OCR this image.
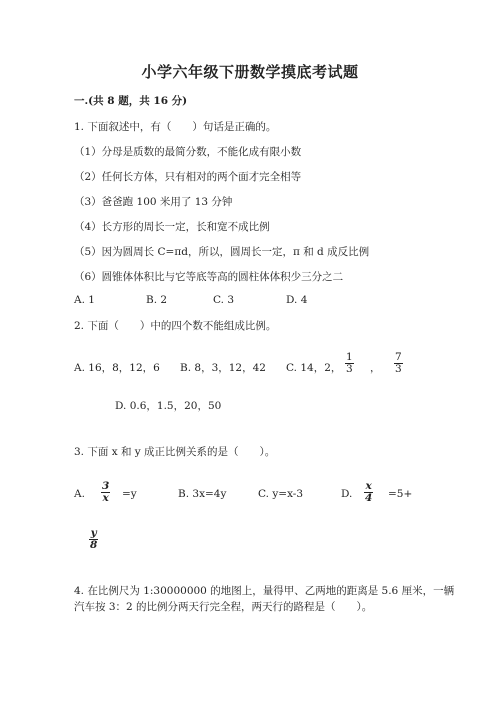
小学六年级下册数学摸底考试题
一.(共 8 题，共 16 分)
1. 下面叙述中，有（　　）句话是正确的。
（1）分母是质数的最简分数，不能化成有限小数
（2）任何长方体，只有相对的两个面才完全相等
（3）爸爸跑 100 米用了 13 分钟
（4）长方形的周长一定，长和宽不成比例
（5）因为圆周长 C=πd，所以，圆周长一定，π 和 d 成反比例
（6）圆锥体体积比与它等底等高的圆柱体体积少三分之二
A. 1	B. 2	C. 3	D. 4
2. 下面（　　）中的四个数不能组成比例。
A. 16，8，12，6 B. 8，3，12，42 C. 14，2， $\frac{1}{3}$ ， $\frac{7}{3}$
D. 0.6，1.5，20，50
3. 下面 x 和 y 成正比例关系的是（　　）。
A. $\frac{3}{x} =y$	B. 3x=4y	C. y=x-3	D. $\frac{x}{4} =5+$
$\frac{y}{8}$
4. 在比例尺为 1:30000000 的地图上，量得甲、乙两地的距离是 5.6 厘米，一辆
汽车按 3：2 的比例分两天行完全程，两天行的路程是（　　）。
